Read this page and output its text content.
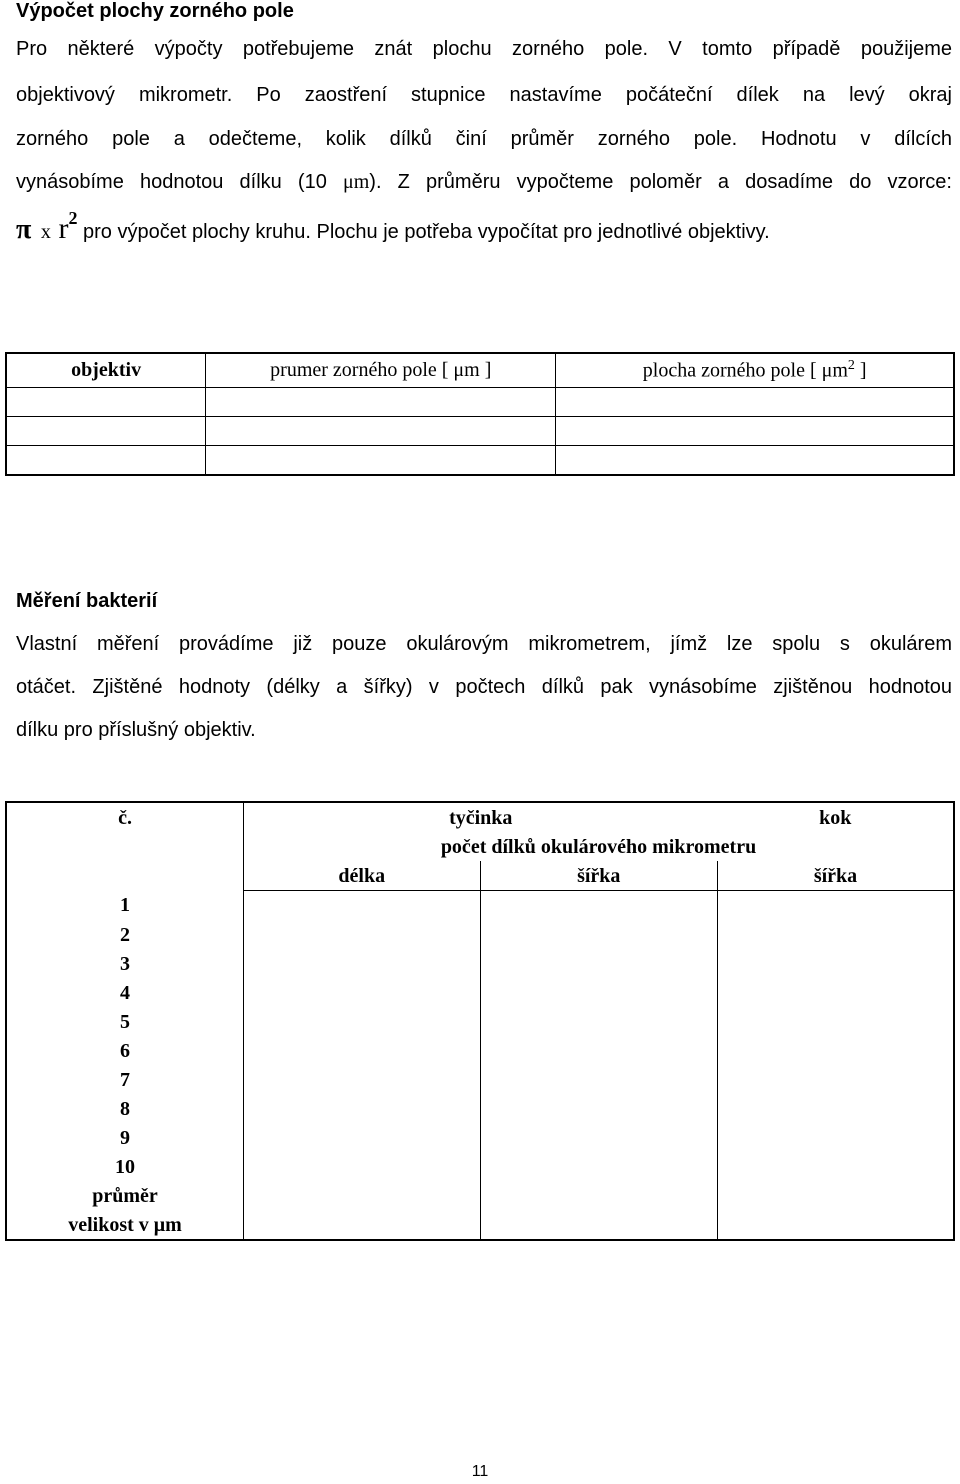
Výpočet plochy zorného pole
Pro některé výpočty potřebujeme znát plochu zorného pole. V tomto případě použijeme
objektivový mikrometr. Po zaostření stupnice nastavíme počáteční dílek na levý okraj
zorného pole a odečteme, kolik dílků činí průměr zorného pole. Hodnotu v dílcích
vynásobíme hodnotou dílku (10 μm). Z průměru vypočteme poloměr a dosadíme do vzorce:
π x $r^2$ pro výpočet plochy kruhu. Plochu je potřeba vypočítat pro jednotlivé objektivy.
objektiv	prumer zorného pole [ μm ]	plocha zorného pole [ $\mu m^2$ ]

Měření bakterií
Vlastní měření provádíme již pouze okulárovým mikrometrem, jímž lze spolu s okulárem
otáčet. Zjištěné hodnoty (délky a šířky) v počtech dílků pak vynásobíme zjištěnou hodnotou
dílku pro příslušný objektiv.
č.	tyčinka		kok
	počet dílků okulárového mikrometru		
	délka	šířka	šířka
1			
2			
3			
4			
5			
6			
7			
8			
9			
10			
průměr			
velikost v μm			
11
